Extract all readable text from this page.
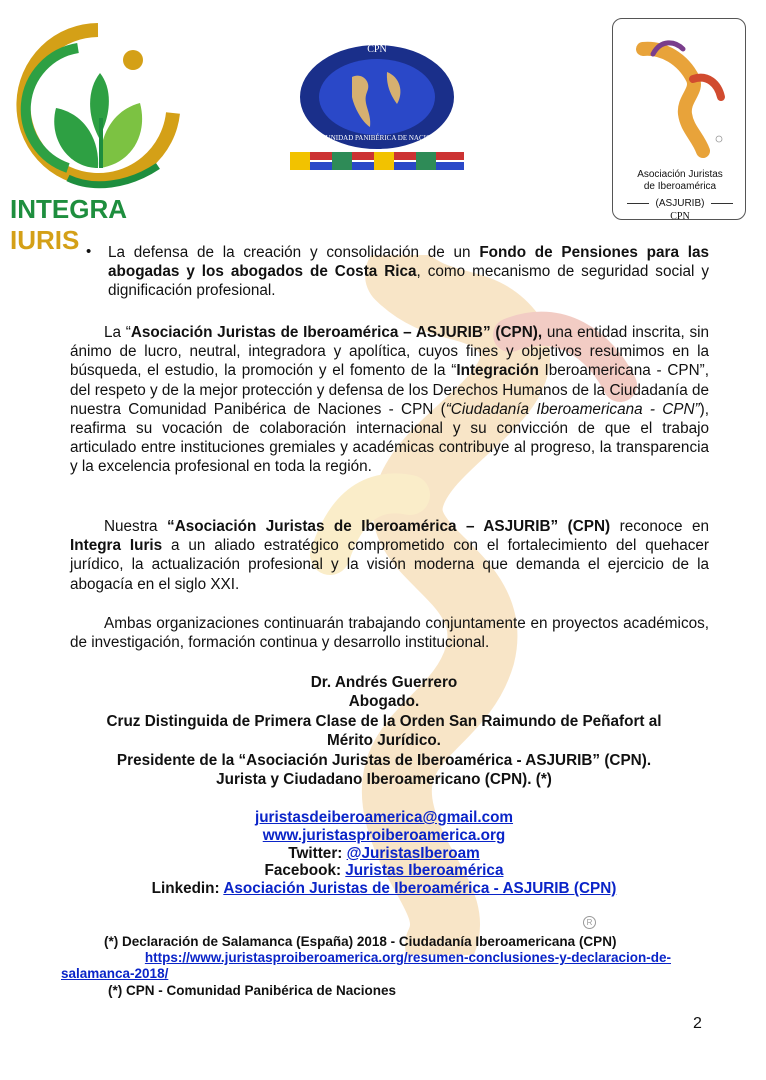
INTEGRA IURIS
CPN
COMUNIDAD PANIBÉRICA DE NACIONES
Asociación Juristas
de Iberoamérica
(ASJURIB)
CPN
• La defensa de la creación y consolidación de un Fondo de Pensiones para las abogadas y los abogados de Costa Rica, como mecanismo de seguridad social y dignificación profesional.
La “Asociación Juristas de Iberoamérica – ASJURIB” (CPN), una entidad inscrita, sin ánimo de lucro, neutral, integradora y apolítica, cuyos fines y objetivos resumimos en la búsqueda, el estudio, la promoción y el fomento de la “Integración Iberoamericana - CPN”, del respeto y de la mejor protección y defensa de los Derechos Humanos de la Ciudadanía de nuestra Comunidad Panibérica de Naciones - CPN (“Ciudadanía Iberoamericana - CPN”), reafirma su vocación de colaboración internacional y su convicción de que el trabajo articulado entre instituciones gremiales y académicas contribuye al progreso, la transparencia y la excelencia profesional en toda la región.
Nuestra “Asociación Juristas de Iberoamérica – ASJURIB” (CPN) reconoce en Integra Iuris a un aliado estratégico comprometido con el fortalecimiento del quehacer jurídico, la actualización profesional y la visión moderna que demanda el ejercicio de la abogacía en el siglo XXI.
Ambas organizaciones continuarán trabajando conjuntamente en proyectos académicos, de investigación, formación continua y desarrollo institucional.
Dr. Andrés Guerrero
Abogado.
Cruz Distinguida de Primera Clase de la Orden San Raimundo de Peñafort al
Mérito Jurídico.
Presidente de la “Asociación Juristas de Iberoamérica - ASJURIB” (CPN).
Jurista y Ciudadano Iberoamericano (CPN). (*)
juristasdeiberoamerica@gmail.com
www.juristasproiberoamerica.org
Twitter: @JuristasIberoam
Facebook: Juristas Iberoamérica
Linkedin: Asociación Juristas de Iberoamérica - ASJURIB (CPN)
R
(*) Declaración de Salamanca (España) 2018 - Ciudadanía Iberoamericana (CPN)
https://www.juristasproiberoamerica.org/resumen-conclusiones-y-declaracion-de-
salamanca-2018/
(*) CPN - Comunidad Panibérica de Naciones
2
